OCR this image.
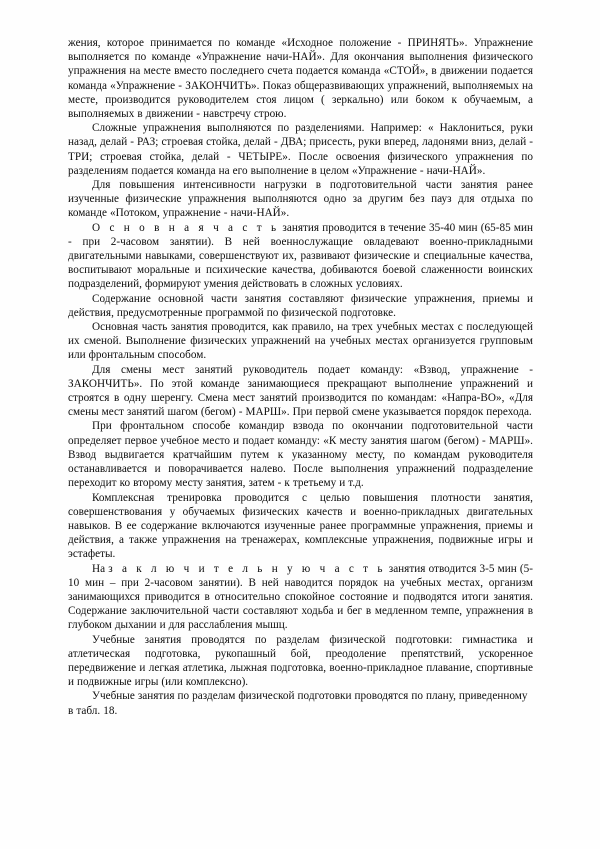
жения, которое принимается по команде «Исходное положение - ПРИНЯТЬ». Упражнение выполняется по команде «Упражнение начи-НАЙ». Для окончания выполнения физического упражнения на месте вместо последнего счета подается команда «СТОЙ», в движении подается команда «Упражнение - ЗАКОНЧИТЬ». Показ общеразвивающих упражнений, выполняемых на месте, производится руководителем стоя лицом ( зеркально) или боком к обучаемым, а выполняемых в движении - навстречу строю.

Сложные упражнения выполняются по разделениями. Например: « Наклониться, руки назад, делай - РАЗ; строевая стойка, делай - ДВА; присесть, руки вперед, ладонями вниз, делай - ТРИ; строевая стойка, делай - ЧЕТЫРЕ». После освоения физического упражнения по разделениям подается команда на его выполнение в целом «Упражнение - начи-НАЙ».

Для повышения интенсивности нагрузки в подготовительной части занятия ранее изученные физические упражнения выполняются одно за другим без пауз для отдыха по команде «Потоком, упражнение - начи-НАЙ».

О с н о в н а я ч а с т ь занятия проводится в течение 35-40 мин (65-85 мин - при 2-часовом занятии). В ней военнослужащие овладевают военно-прикладными двигательными навыками, совершенствуют их, развивают физические и специальные качества, воспитывают моральные и психические качества, добиваются боевой слаженности воинских подразделений, формируют умения действовать в сложных условиях.

Содержание основной части занятия составляют физические упражнения, приемы и действия, предусмотренные программой по физической подготовке.

Основная часть занятия проводится, как правило, на трех учебных местах с последующей их сменой. Выполнение физических упражнений на учебных местах организуется групповым или фронтальным способом.

Для смены мест занятий руководитель подает команду: «Взвод, упражнение - ЗАКОНЧИТЬ». По этой команде занимающиеся прекращают выполнение упражнений и строятся в одну шеренгу. Смена мест занятий производится по командам: «Напра-ВО», «Для смены мест занятий шагом (бегом) - МАРШ». При первой смене указывается порядок перехода.

При фронтальном способе командир взвода по окончании подготовительной части определяет первое учебное место и подает команду: «К месту занятия шагом (бегом) - МАРШ». Взвод выдвигается кратчайшим путем к указанному месту, по командам руководителя останавливается и поворачивается налево. После выполнения упражнений подразделение переходит ко второму месту занятия, затем - к третьему и т.д.

Комплексная тренировка проводится с целью повышения плотности занятия, совершенствования у обучаемых физических качеств и военно-прикладных двигательных навыков. В ее содержание включаются изученные ранее программные упражнения, приемы и действия, а также упражнения на тренажерах, комплексные упражнения, подвижные игры и эстафеты.

На з а к л ю ч и т е л ь н у ю ч а с т ь занятия отводится 3-5 мин (5-10 мин – при 2-часовом занятии). В ней наводится порядок на учебных местах, организм занимающихся приводится в относительно спокойное состояние и подводятся итоги занятия. Содержание заключительной части составляют ходьба и бег в медленном темпе, упражнения в глубоком дыхании и для расслабления мышц.

Учебные занятия проводятся по разделам физической подготовки: гимнастика и атлетическая подготовка, рукопашный бой, преодоление препятствий, ускоренное передвижение и легкая атлетика, лыжная подготовка, военно-прикладное плавание, спортивные и подвижные игры (или комплексно).

Учебные занятия по разделам физической подготовки проводятся по плану, приведенному в табл. 18.
